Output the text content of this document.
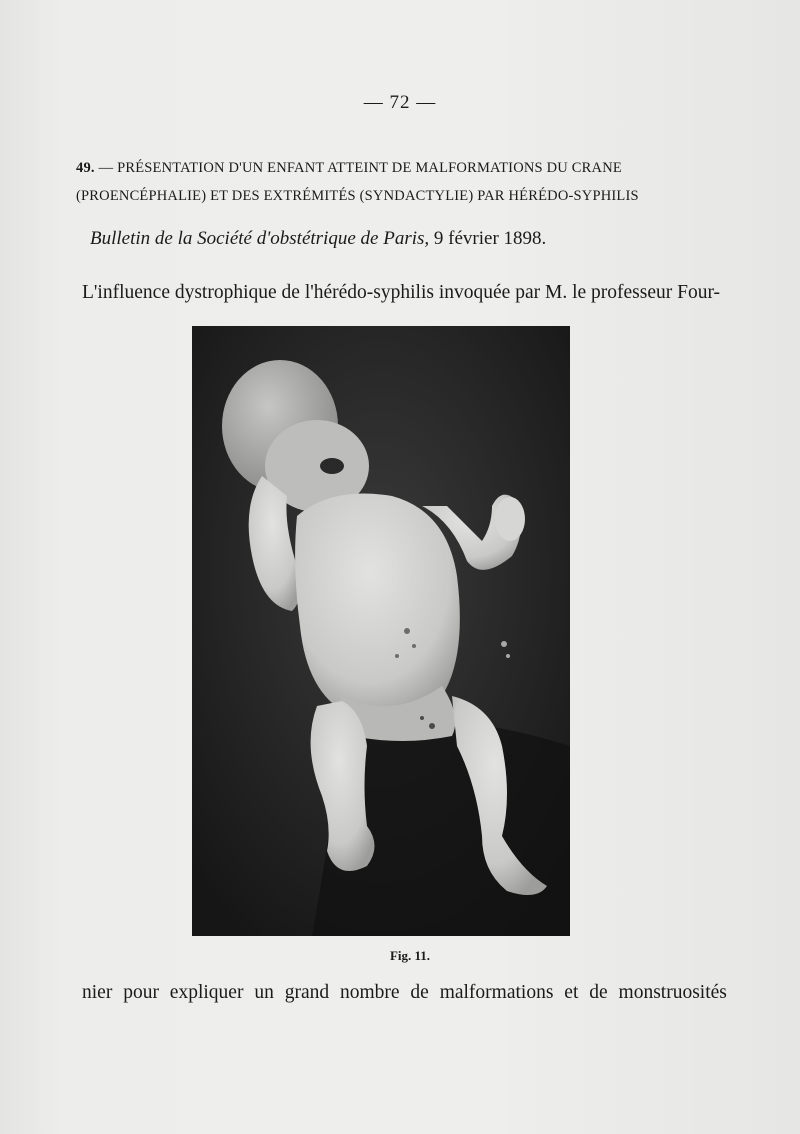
— 72 —
49. — PRÉSENTATION D'UN ENFANT ATTEINT DE MALFORMATIONS DU CRANE
(PROENCÉPHALIE) ET DES EXTRÉMITÉS (SYNDACTYLIE) PAR HÉRÉDO-SYPHILIS
Bulletin de la Société d'obstétrique de Paris, 9 février 1898.
L'influence dystrophique de l'hérédo-syphilis invoquée par M. le professeur Four-
Fig. 11.
nier pour expliquer un grand nombre de malformations et de monstruosités
